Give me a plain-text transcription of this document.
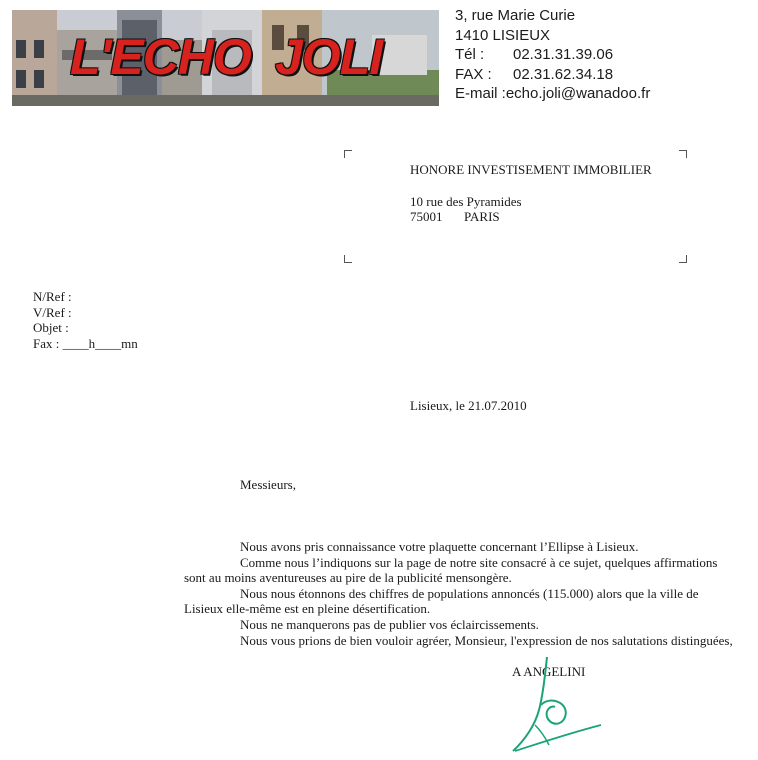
L'ECHO JOLI
3, rue Marie Curie
1410 LISIEUX
Tél :	02.31.31.39.06
FAX :	02.31.62.34.18
E-mail : echo.joli@wanadoo.fr
HONORE INVESTISEMENT IMMOBILIER
10 rue des Pyramides
75001 PARIS
N/Ref :
V/Ref :
Objet :
Fax : ____h____mn
Lisieux, le 21.07.2010
Messieurs,
Nous avons pris connaissance votre plaquette concernant l’Ellipse à Lisieux.
Comme nous l’indiquons sur la page de notre site consacré à ce sujet, quelques affirmations
sont au moins aventureuses au pire de la publicité mensongère.
Nous nous étonnons des chiffres de populations annoncés (115.000) alors que la ville de
Lisieux elle-même est en pleine désertification.
Nous ne manquerons pas de publier vos éclaircissements.
Nous vous prions de bien vouloir agréer, Monsieur, l'expression de nos salutations distinguées,
A ANGELINI
